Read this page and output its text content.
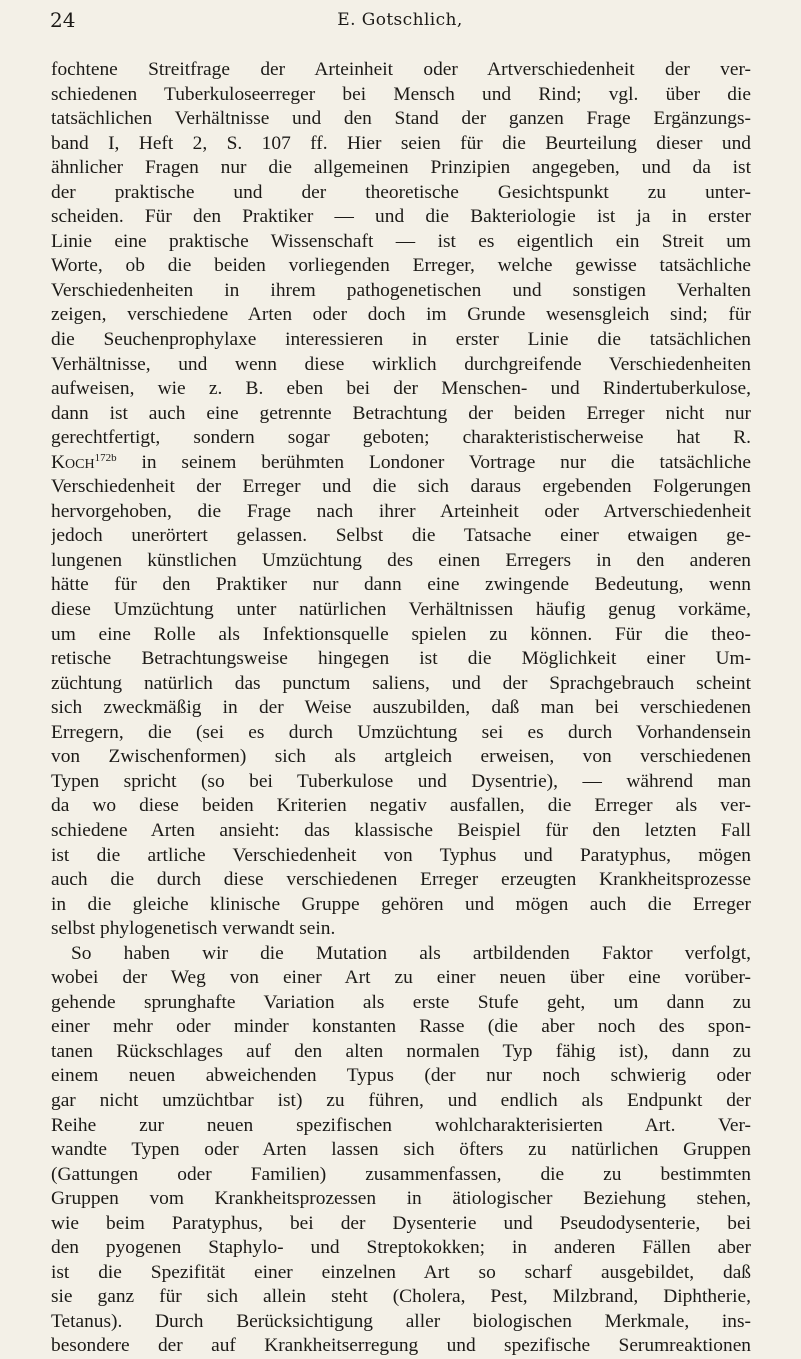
24	E. Gotschlich,
fochtene Streitfrage der Arteinheit oder Artverschiedenheit der ver-
schiedenen Tuberkuloseerreger bei Mensch und Rind; vgl. über die
tatsächlichen Verhältnisse und den Stand der ganzen Frage Ergänzungs-
band I, Heft 2, S. 107 ff. Hier seien für die Beurteilung dieser und
ähnlicher Fragen nur die allgemeinen Prinzipien angegeben, und da ist
der praktische und der theoretische Gesichtspunkt zu unter-
scheiden. Für den Praktiker — und die Bakteriologie ist ja in erster
Linie eine praktische Wissenschaft — ist es eigentlich ein Streit um
Worte, ob die beiden vorliegenden Erreger, welche gewisse tatsächliche
Verschiedenheiten in ihrem pathogenetischen und sonstigen Verhalten
zeigen, verschiedene Arten oder doch im Grunde wesensgleich sind; für
die Seuchenprophylaxe interessieren in erster Linie die tatsächlichen
Verhältnisse, und wenn diese wirklich durchgreifende Verschiedenheiten
aufweisen, wie z. B. eben bei der Menschen- und Rindertuberkulose,
dann ist auch eine getrennte Betrachtung der beiden Erreger nicht nur
gerechtfertigt, sondern sogar geboten; charakteristischerweise hat R.
Koch$^{172b}$ in seinem berühmten Londoner Vortrage nur die tatsächliche
Verschiedenheit der Erreger und die sich daraus ergebenden Folgerungen
hervorgehoben, die Frage nach ihrer Arteinheit oder Artverschiedenheit
jedoch unerörtert gelassen. Selbst die Tatsache einer etwaigen ge-
lungenen künstlichen Umzüchtung des einen Erregers in den anderen
hätte für den Praktiker nur dann eine zwingende Bedeutung, wenn
diese Umzüchtung unter natürlichen Verhältnissen häufig genug vorkäme,
um eine Rolle als Infektionsquelle spielen zu können. Für die theo-
retische Betrachtungsweise hingegen ist die Möglichkeit einer Um-
züchtung natürlich das punctum saliens, und der Sprachgebrauch scheint
sich zweckmäßig in der Weise auszubilden, daß man bei verschiedenen
Erregern, die (sei es durch Umzüchtung sei es durch Vorhandensein
von Zwischenformen) sich als artgleich erweisen, von verschiedenen
Typen spricht (so bei Tuberkulose und Dysentrie), — während man
da wo diese beiden Kriterien negativ ausfallen, die Erreger als ver-
schiedene Arten ansieht: das klassische Beispiel für den letzten Fall
ist die artliche Verschiedenheit von Typhus und Paratyphus, mögen
auch die durch diese verschiedenen Erreger erzeugten Krankheitsprozesse
in die gleiche klinische Gruppe gehören und mögen auch die Erreger
selbst phylogenetisch verwandt sein.
So haben wir die Mutation als artbildenden Faktor verfolgt,
wobei der Weg von einer Art zu einer neuen über eine vorüber-
gehende sprunghafte Variation als erste Stufe geht, um dann zu
einer mehr oder minder konstanten Rasse (die aber noch des spon-
tanen Rückschlages auf den alten normalen Typ fähig ist), dann zu
einem neuen abweichenden Typus (der nur noch schwierig oder
gar nicht umzüchtbar ist) zu führen, und endlich als Endpunkt der
Reihe zur neuen spezifischen wohlcharakterisierten Art. Ver-
wandte Typen oder Arten lassen sich öfters zu natürlichen Gruppen
(Gattungen oder Familien) zusammenfassen, die zu bestimmten
Gruppen vom Krankheitsprozessen in ätiologischer Beziehung stehen,
wie beim Paratyphus, bei der Dysenterie und Pseudodysenterie, bei
den pyogenen Staphylo- und Streptokokken; in anderen Fällen aber
ist die Spezifität einer einzelnen Art so scharf ausgebildet, daß
sie ganz für sich allein steht (Cholera, Pest, Milzbrand, Diphtherie,
Tetanus). Durch Berücksichtigung aller biologischen Merkmale, ins-
besondere der auf Krankheitserregung und spezifische Serumreaktionen
